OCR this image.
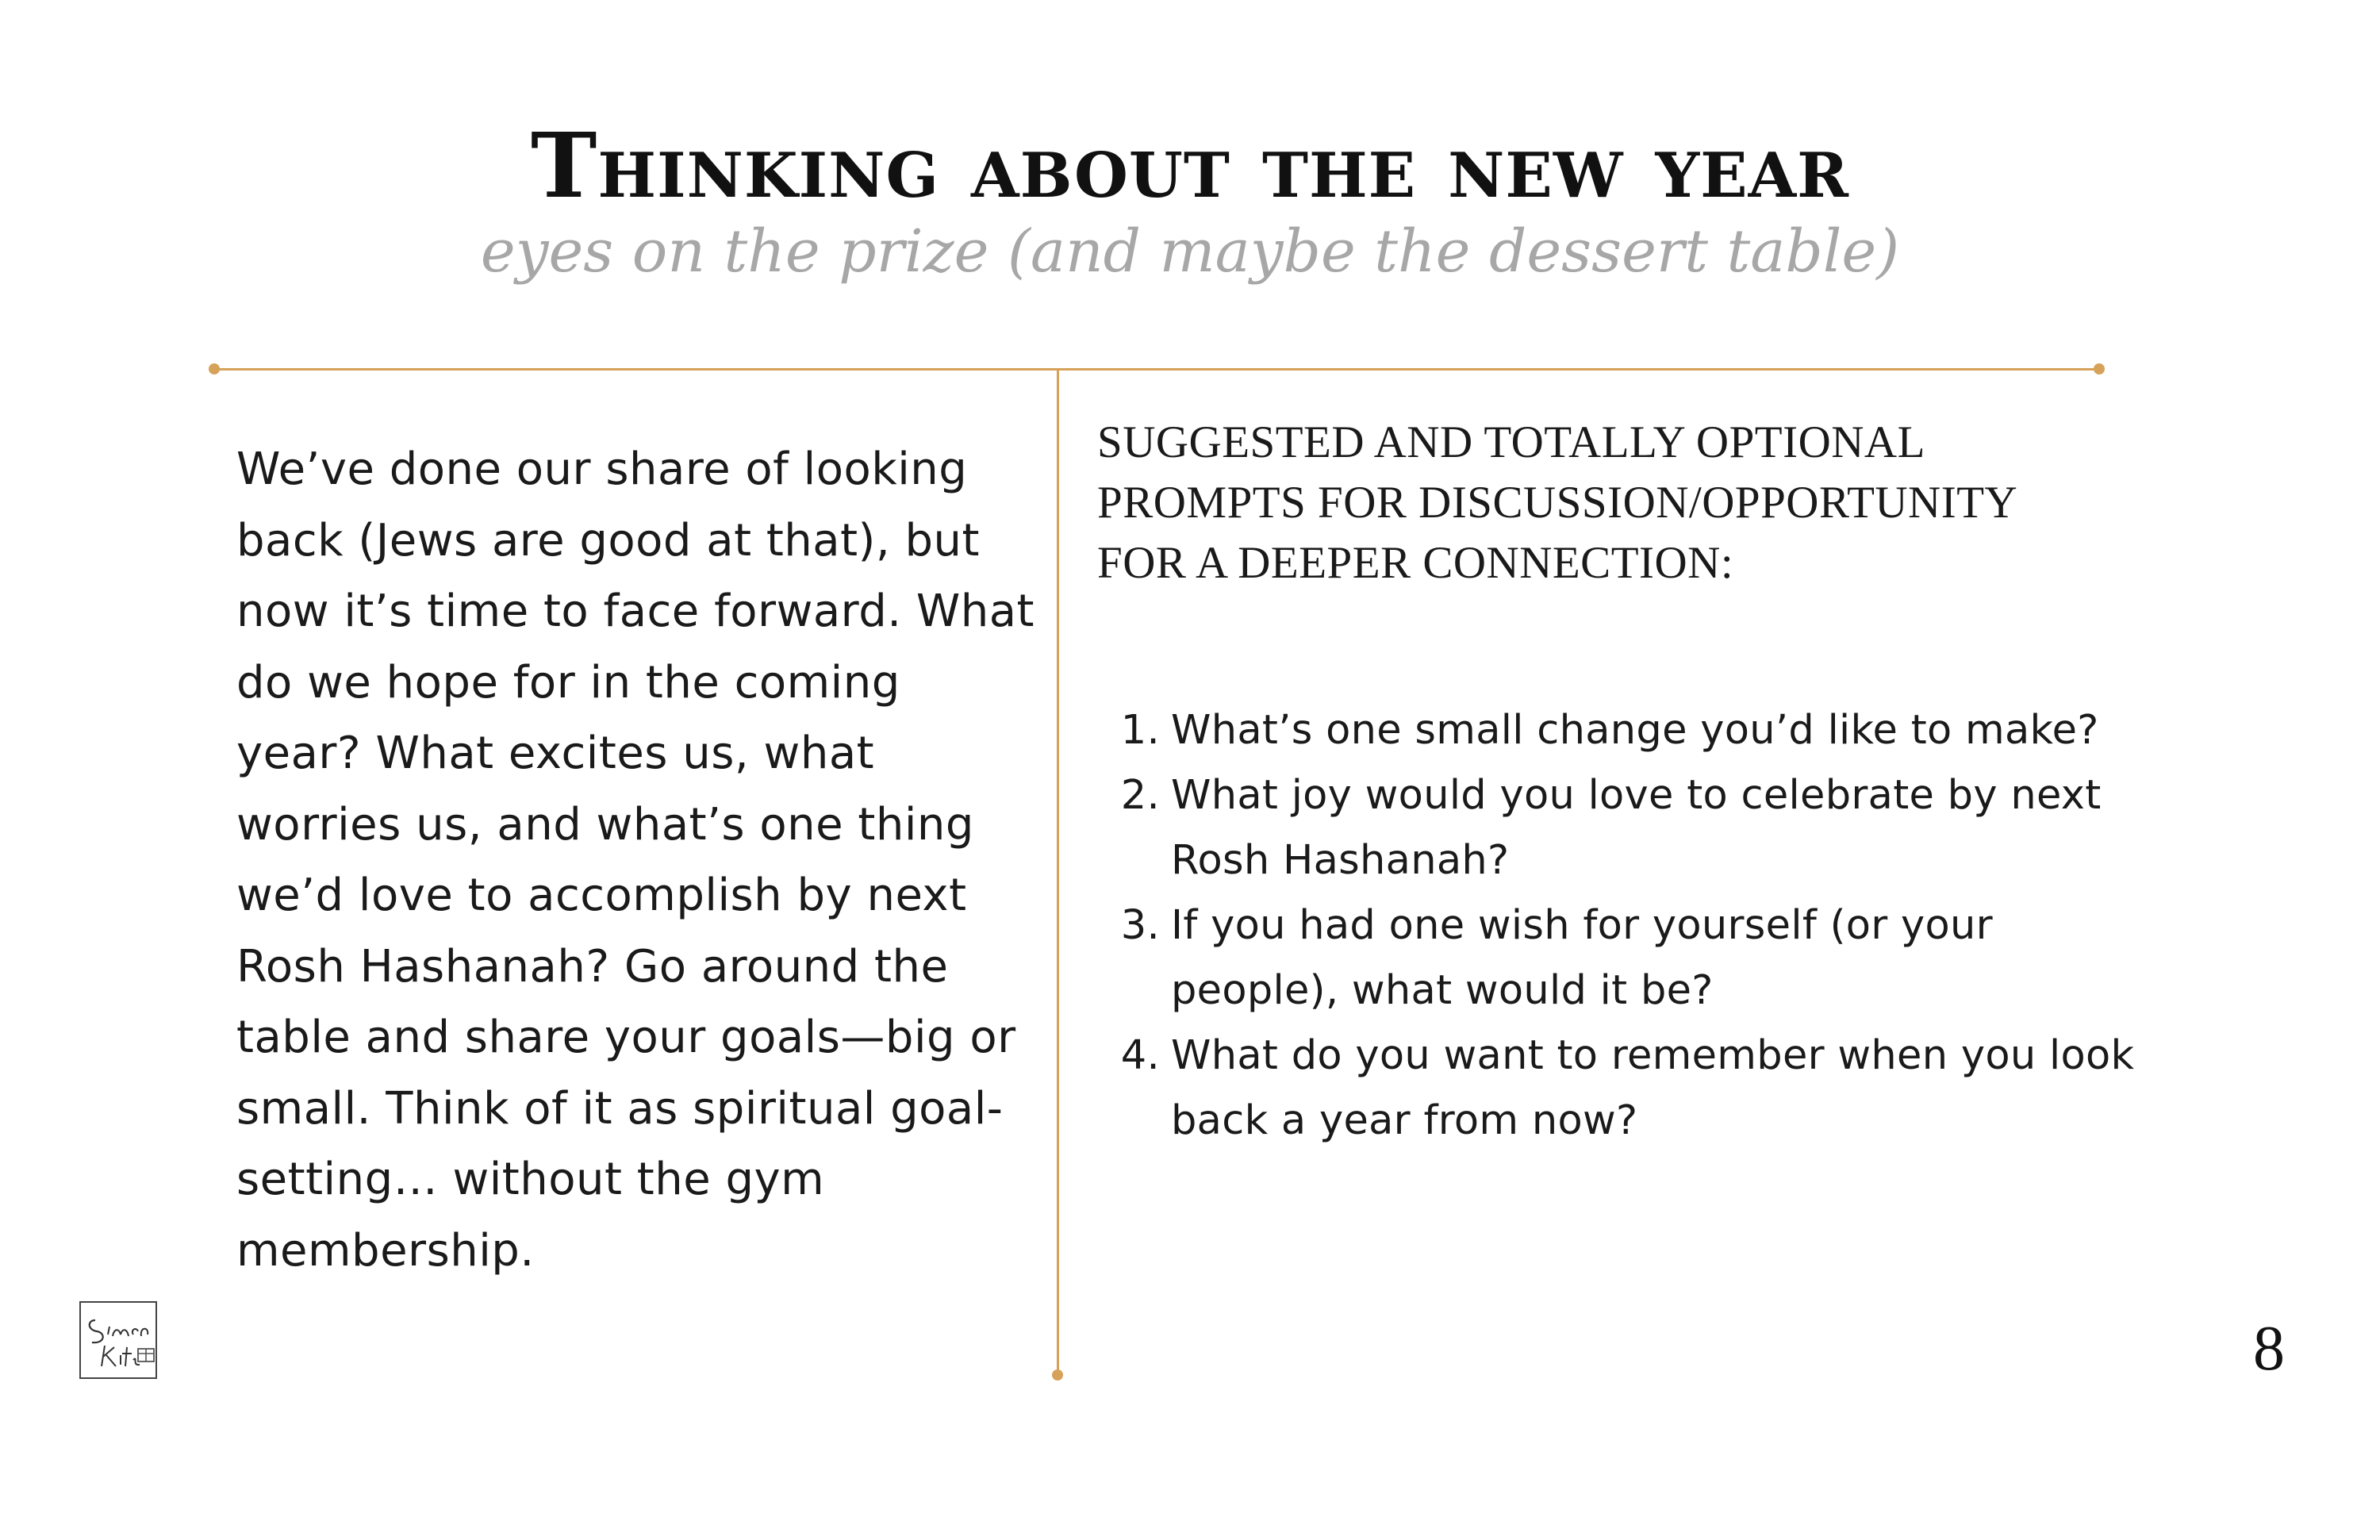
Thinking about the new year
eyes on the prize (and maybe the dessert table)

We’ve done our share of looking back (Jews are good at that), but now it’s time to face forward. What do we hope for in the coming year? What excites us, what worries us, and what’s one thing we’d love to accomplish by next Rosh Hashanah? Go around the table and share your goals—big or small. Think of it as spiritual goal-setting… without the gym membership.

SUGGESTED AND TOTALLY OPTIONAL
PROMPTS FOR DISCUSSION/OPPORTUNITY
FOR A DEEPER CONNECTION:
1. What’s one small change you’d like to make?
2. What joy would you love to celebrate by next Rosh Hashanah?
3. If you had one wish for yourself (or your people), what would it be?
4. What do you want to remember when you look back a year from now?
8
